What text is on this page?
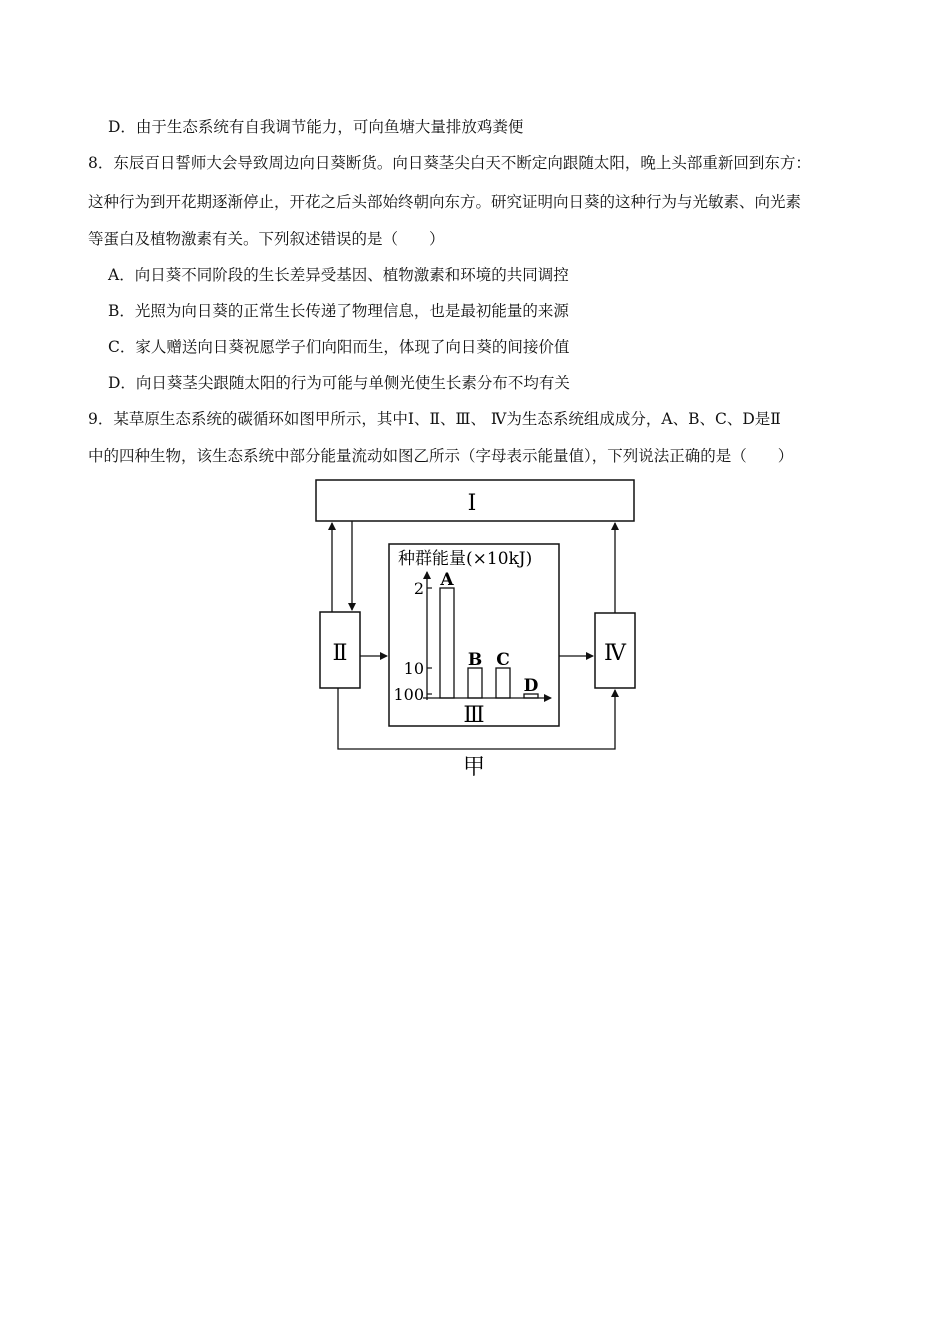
D．由于生态系统有自我调节能力，可向鱼塘大量排放鸡粪便
8．东辰百日誓师大会导致周边向日葵断货。向日葵茎尖白天不断定向跟随太阳，晚上头部重新回到东方：
这种行为到开花期逐渐停止，开花之后头部始终朝向东方。研究证明向日葵的这种行为与光敏素、向光素
等蛋白及植物激素有关。下列叙述错误的是（　　）
A．向日葵不同阶段的生长差异受基因、植物激素和环境的共同调控
B．光照为向日葵的正常生长传递了物理信息，也是最初能量的来源
C．家人赠送向日葵祝愿学子们向阳而生，体现了向日葵的间接价值
D．向日葵茎尖跟随太阳的行为可能与单侧光使生长素分布不均有关
9．某草原生态系统的碳循环如图甲所示，其中Ⅰ、Ⅱ、Ⅲ、 Ⅳ为生态系统组成成分，A、B、C、D是Ⅱ
中的四种生物，该生态系统中部分能量流动如图乙所示（字母表示能量值），下列说法正确的是（　　）
Ⅰ
Ⅱ	Ⅳ
种群能量(×10kJ)
100
10
2 A
B C
D
Ⅲ
甲
